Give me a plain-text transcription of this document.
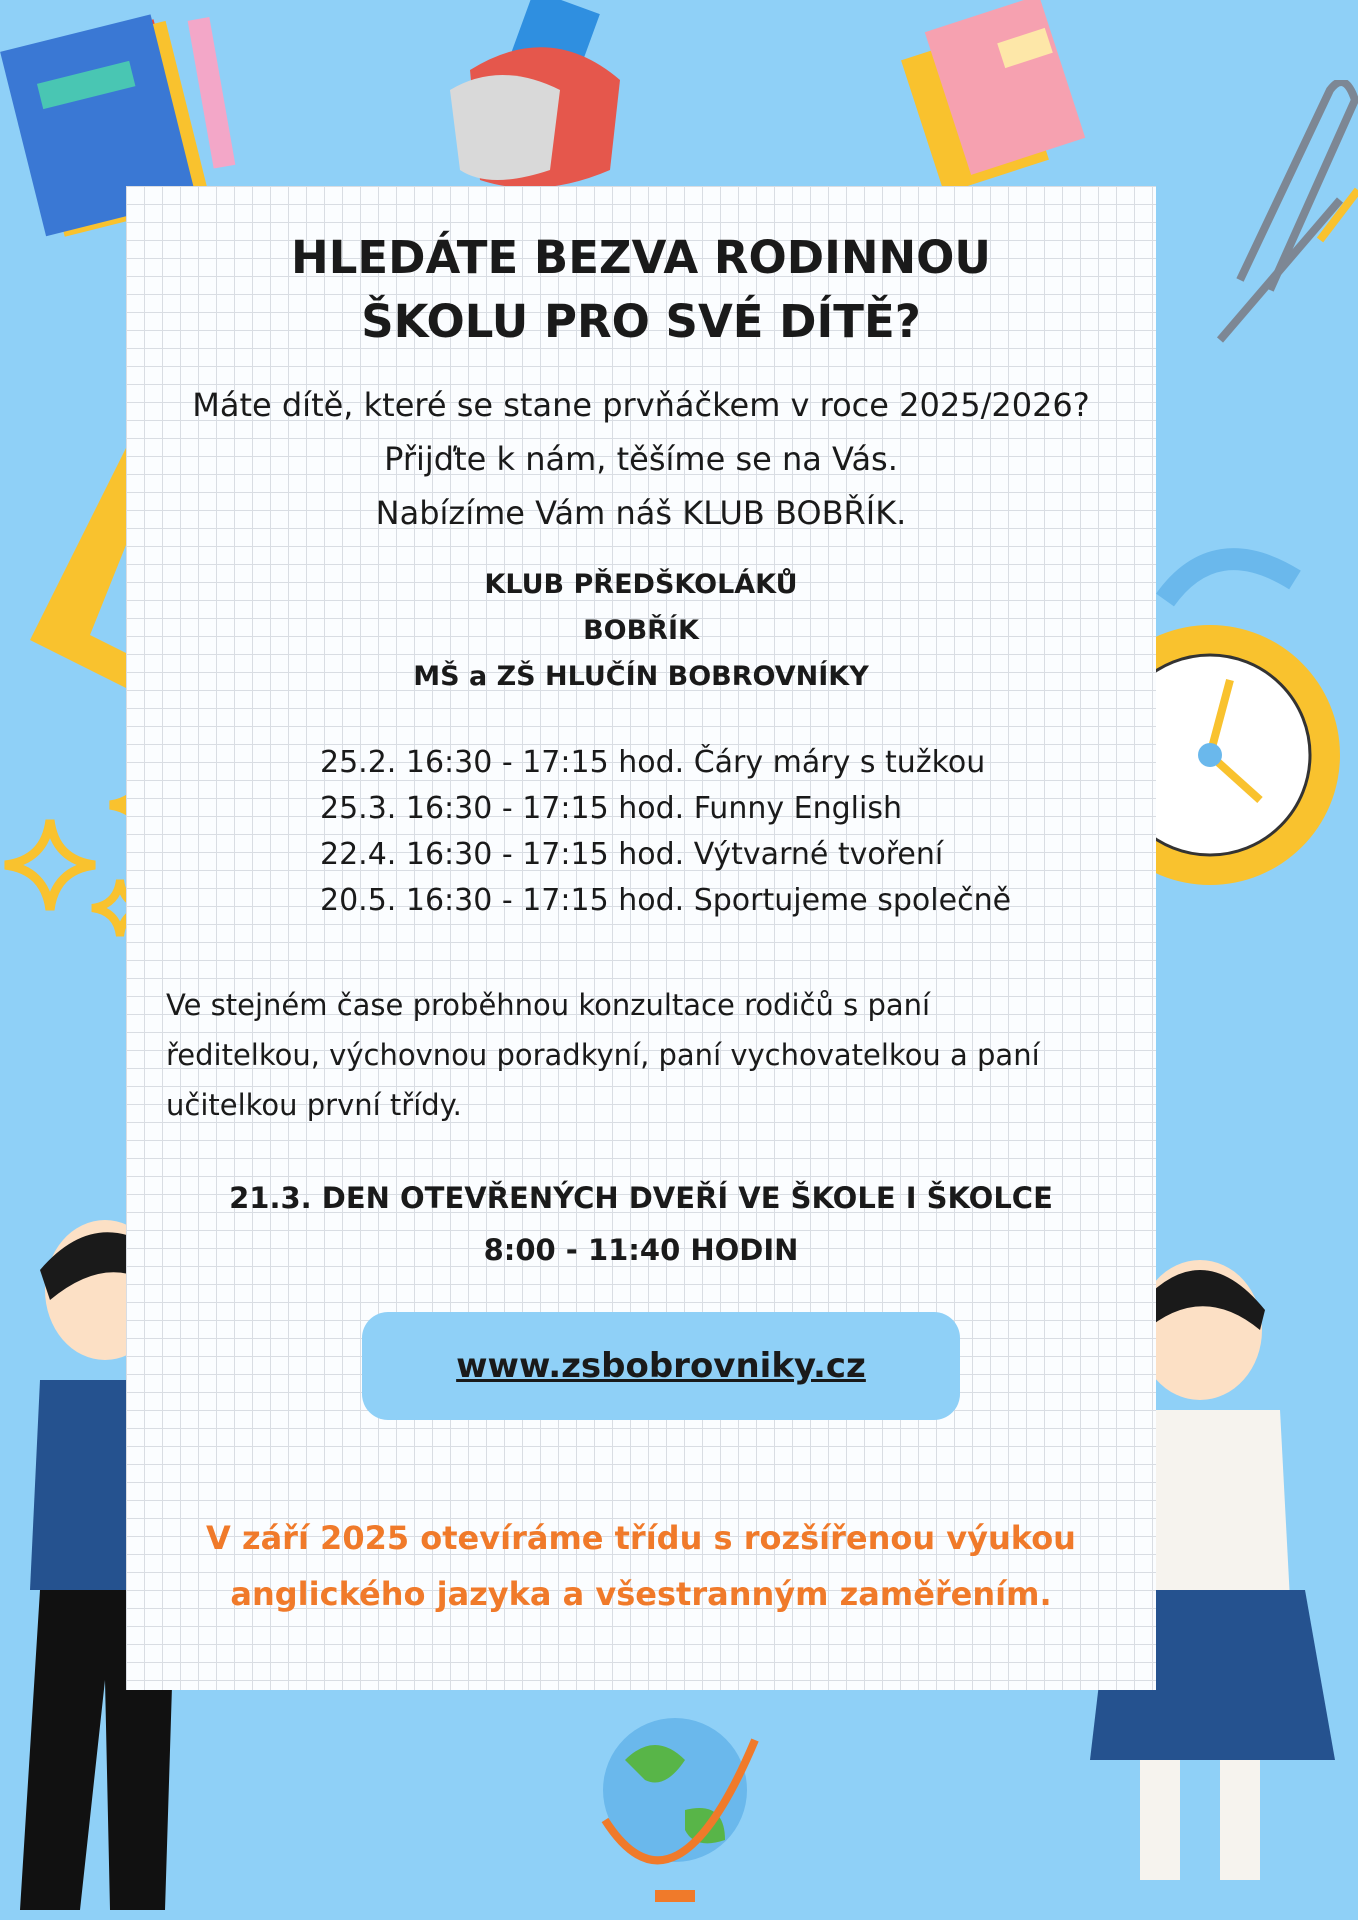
HLEDÁTE BEZVA RODINNOU
ŠKOLU PRO SVÉ DÍTĚ?
Máte dítě, které se stane prvňáčkem v roce 2025/2026?
Přijďte k nám, těšíme se na Vás.
Nabízíme Vám náš KLUB BOBŘÍK.
KLUB PŘEDŠKOLÁKŮ
BOBŘÍK
MŠ a ZŠ HLUČÍN BOBROVNÍKY
25.2. 16:30 - 17:15 hod. Čáry máry s tužkou
25.3. 16:30 - 17:15 hod. Funny English
22.4. 16:30 - 17:15 hod. Výtvarné tvoření
20.5. 16:30 - 17:15 hod. Sportujeme společně
Ve stejném čase proběhnou konzultace rodičů s paní
ředitelkou, výchovnou poradkyní, paní vychovatelkou a paní
učitelkou první třídy.
21.3. DEN OTEVŘENÝCH DVEŘÍ VE ŠKOLE I ŠKOLCE
8:00 - 11:40 HODIN
www.zsbobrovniky.cz
V září 2025 otevíráme třídu s rozšířenou výukou
anglického jazyka a všestranným zaměřením.
